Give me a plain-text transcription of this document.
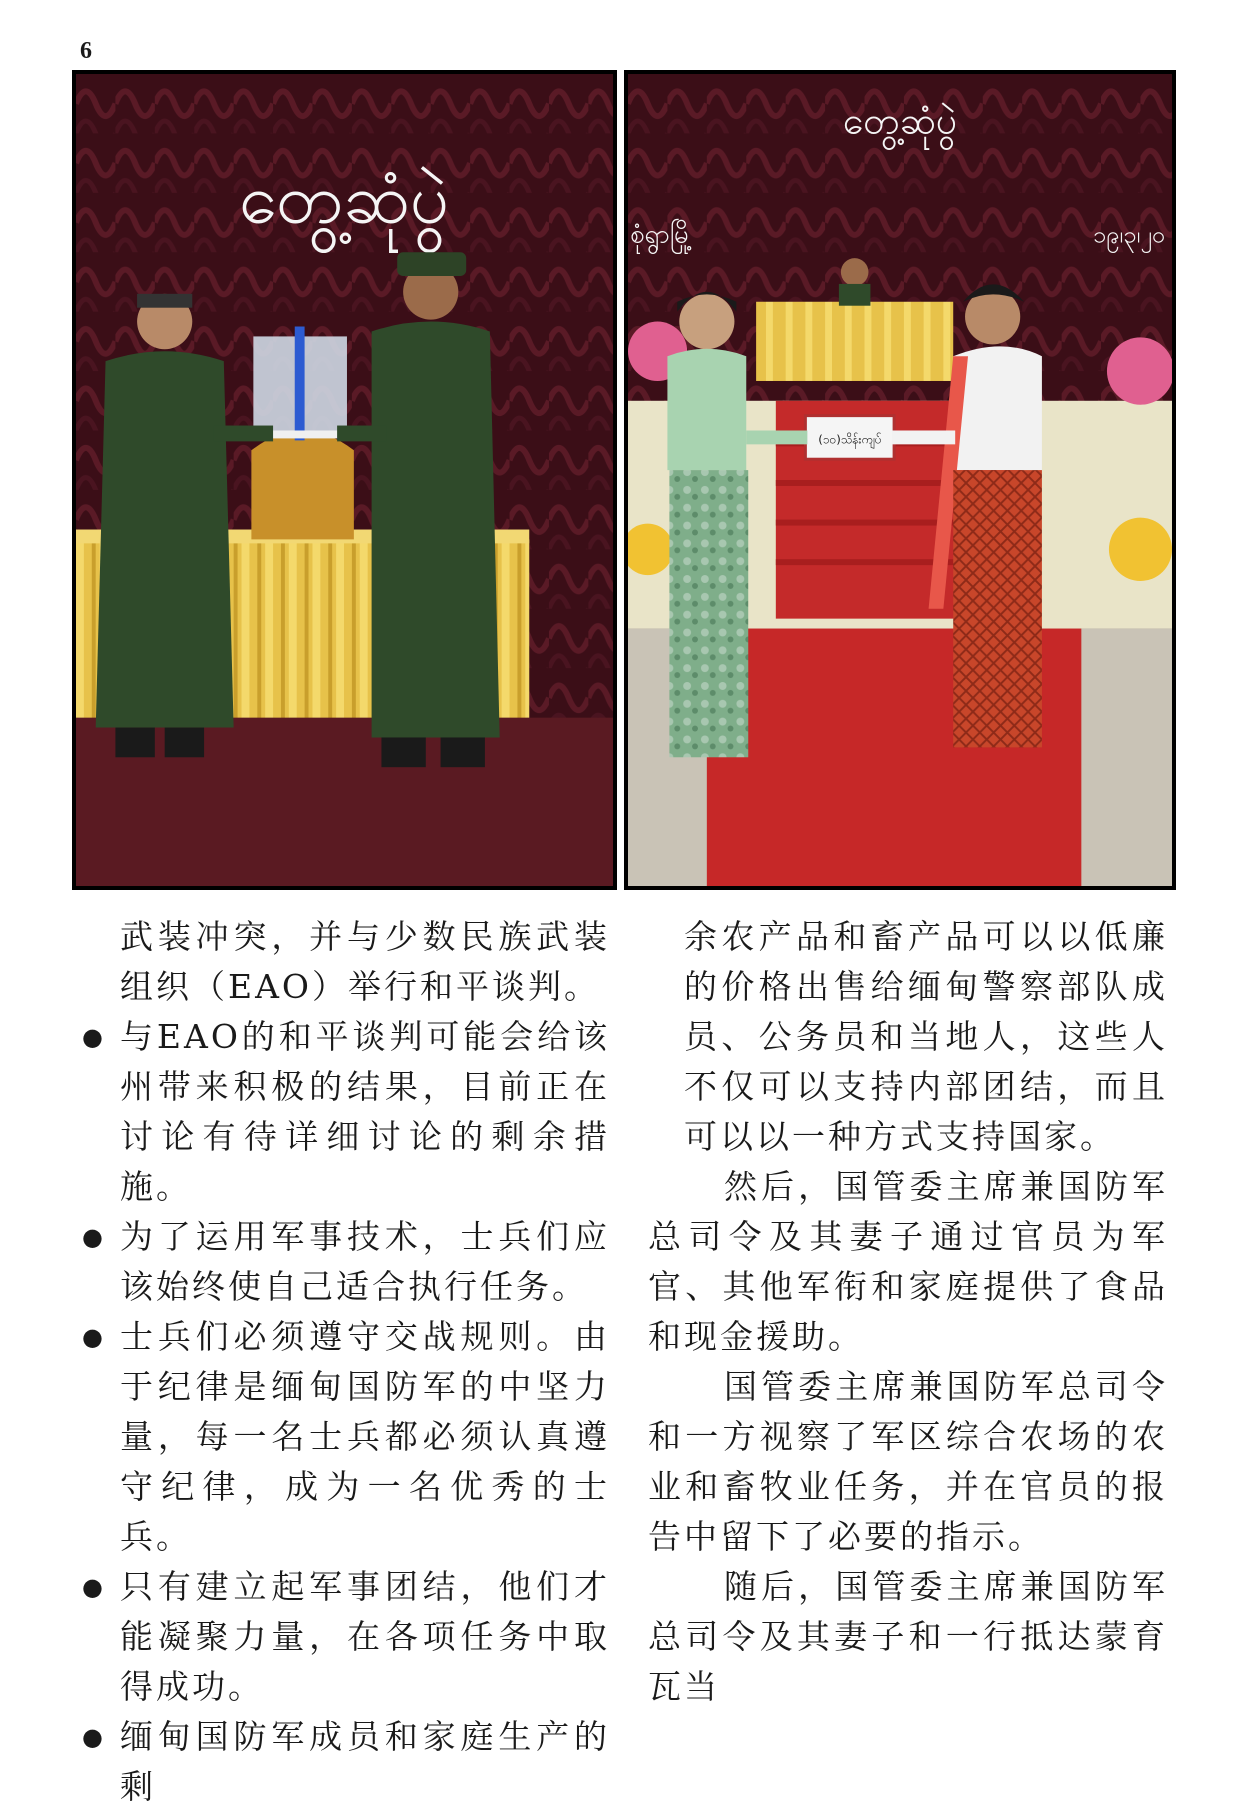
6
တွေ့ဆုံပွဲ
တွေ့ဆုံပွဲ
စုံရွာမြို့	၁၉၊၃၊၂၀
(၁၀)သိန်းကျပ်

武装冲突，并与少数民族武装组织（EAO）举行和平谈判。

● 与EAO的和平谈判可能会给该州带来积极的结果，目前正在讨论有待详细讨论的剩余措施。
● 为了运用军事技术，士兵们应该始终使自己适合执行任务。
● 士兵们必须遵守交战规则。由于纪律是缅甸国防军的中坚力量，每一名士兵都必须认真遵守纪律，成为一名优秀的士兵。
● 只有建立起军事团结，他们才能凝聚力量，在各项任务中取得成功。
● 缅甸国防军成员和家庭生产的剩

余农产品和畜产品可以以低廉的价格出售给缅甸警察部队成员、公务员和当地人，这些人不仅可以支持内部团结，而且可以以一种方式支持国家。

然后，国管委主席兼国防军总司令及其妻子通过官员为军官、其他军衔和家庭提供了食品和现金援助。

国管委主席兼国防军总司令和一方视察了军区综合农场的农业和畜牧业任务，并在官员的报告中留下了必要的指示。

随后，国管委主席兼国防军总司令及其妻子和一行抵达蒙育瓦当
